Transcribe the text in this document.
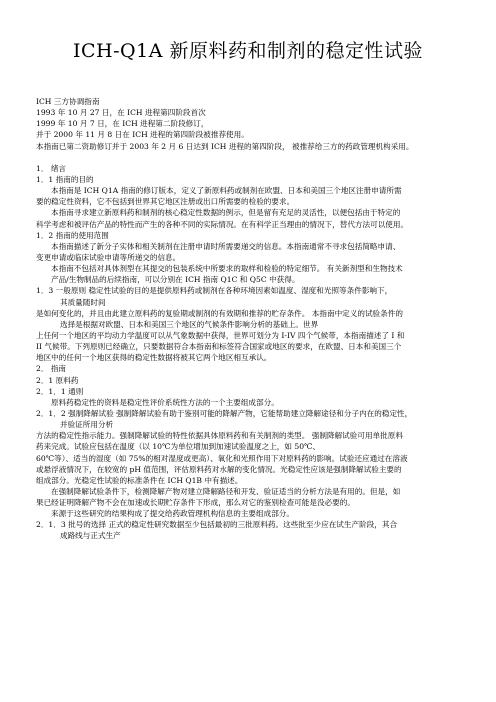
ICH-Q1A 新原料药和制剂的稳定性试验
ICH 三方协调指南
1993 年 10 月 27 日，在 ICH 进程第四阶段首次
1999 年 10 月 7 日，在 ICH 进程第二阶段修订，
并于 2000 年 11 月 8 日在 ICH 进程的第四阶段被推荐使用。
本指南已第二资助修订并于 2003 年 2 月 6 日达到 ICH 进程的第四阶段， 被推荐给三方的药政管理机构采用。
1． 绪言
1．1 指南的目的
本指南是 ICH Q1A 指南的修订版本，定义了新原料药或制剂在欧盟、日本和美国三个地区注册申请所需
要的稳定性资料，它不包括到世界其它地区注册或出口所需要的检验的要求。
本指南寻求建立新原料药和制剂的核心稳定性数据的例示，但是留有充足的灵活性，以便包括由于特定的
科学考虑和被评估产品的特性而产生的各种不同的实际情况。在有科学正当理由的情况下，替代方法可以使用。
1．2 指南的使用范围
本指南描述了新分子实体和相关制剂在注册申请时所需要递交的信息。本指南通常不寻求包括简略申请、
变更申请或临床试验申请等所递交的信息。
本指南不包括对具体剂型在其提交的包装系统中所要求的取样和检验的特定细节。 有关新剂型和生物技术
产品/生物制品的后续指南，可以分别在 ICH 指南 Q1C 和 Q5C 中获得。
1．3 一般原则 稳定性试验的目的是提供原料药或制剂在各种环境因素如温度、湿度和光照等条件影响下，
其质量随时间
是如何变化的，并且由此建立原料药的复验期或制剂的有效期和推荐的贮存条件。 本指南中定义的试验条件的
选择是根据对欧盟、日本和美国三个地区的气候条件影响分析的基础上。世界
上任何一个地区的平均动力学温度可以从气象数据中获得，世界可划分为 I-IV 四个气候带，本指南描述了 I 和
II 气候带。下列原则已经确立，只要数据符合本指南和标签符合国家或地区的要求，在欧盟、日本和美国三个
地区中的任何一个地区获得的稳定性数据将被其它两个地区相互承认。
2． 指南
2．1 原料药
2．1．1 通则
原料药稳定性的资料是稳定性评价系统性方法的一个主要组成部分。
2．1．2 强制降解试验 强制降解试验有助于鉴别可能的降解产物，它能帮助建立降解途径和分子内在的稳定性，
并验证所用分析
方法的稳定性指示能力。强制降解试验的特性依据具体原料药和有关制剂的类型。 强制降解试验可用单批原料
药来完成。试验应包括在温度（以 10℃为单位增加到加速试验温度之上，如 50℃、
60℃等）、适当的湿度（如 75%的相对湿度或更高）、氧化和光照作用下对原料药的影响。试验还应通过在溶液
或悬浮液情况下，在较宽的 pH 值范围，评估原料药对水解的变化情况。光稳定性应该是强制降解试验主要的
组成部分。光稳定性试验的标准条件在 ICH Q1B 中有描述。
在强制降解试验条件下，检测降解产物对建立降解路径和开发、验证适当的分析方法是有用的。但是，如
果已经证明降解产物不会在加速或长期贮存条件下形成，那么对它的鉴别检查可能是没必要的。
来源于这些研究的结果构成了提交给药政管理机构信息的主要组成部分。
2．1．3 批号的选择 正式的稳定性研究数据至少包括最初的三批原料药。这些批至少应在试生产阶段，其合
成路线与正式生产
